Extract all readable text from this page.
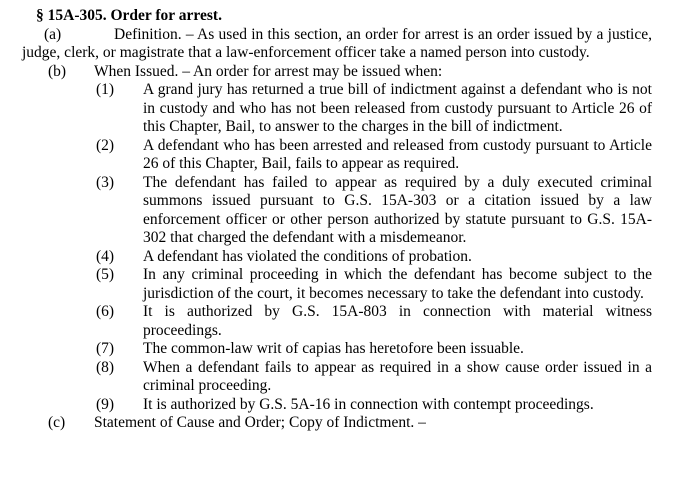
§ 15A-305. Order for arrest.
(a)	Definition. – As used in this section, an order for arrest is an order issued by a justice, judge, clerk, or magistrate that a law-enforcement officer take a named person into custody.
(b) When Issued. – An order for arrest may be issued when:
(1) A grand jury has returned a true bill of indictment against a defendant who is not in custody and who has not been released from custody pursuant to Article 26 of this Chapter, Bail, to answer to the charges in the bill of indictment.
(2) A defendant who has been arrested and released from custody pursuant to Article 26 of this Chapter, Bail, fails to appear as required.
(3) The defendant has failed to appear as required by a duly executed criminal summons issued pursuant to G.S. 15A-303 or a citation issued by a law enforcement officer or other person authorized by statute pursuant to G.S. 15A-302 that charged the defendant with a misdemeanor.
(4) A defendant has violated the conditions of probation.
(5) In any criminal proceeding in which the defendant has become subject to the jurisdiction of the court, it becomes necessary to take the defendant into custody.
(6) It is authorized by G.S. 15A-803 in connection with material witness proceedings.
(7) The common-law writ of capias has heretofore been issuable.
(8) When a defendant fails to appear as required in a show cause order issued in a criminal proceeding.
(9) It is authorized by G.S. 5A-16 in connection with contempt proceedings.
(c) Statement of Cause and Order; Copy of Indictment. –
